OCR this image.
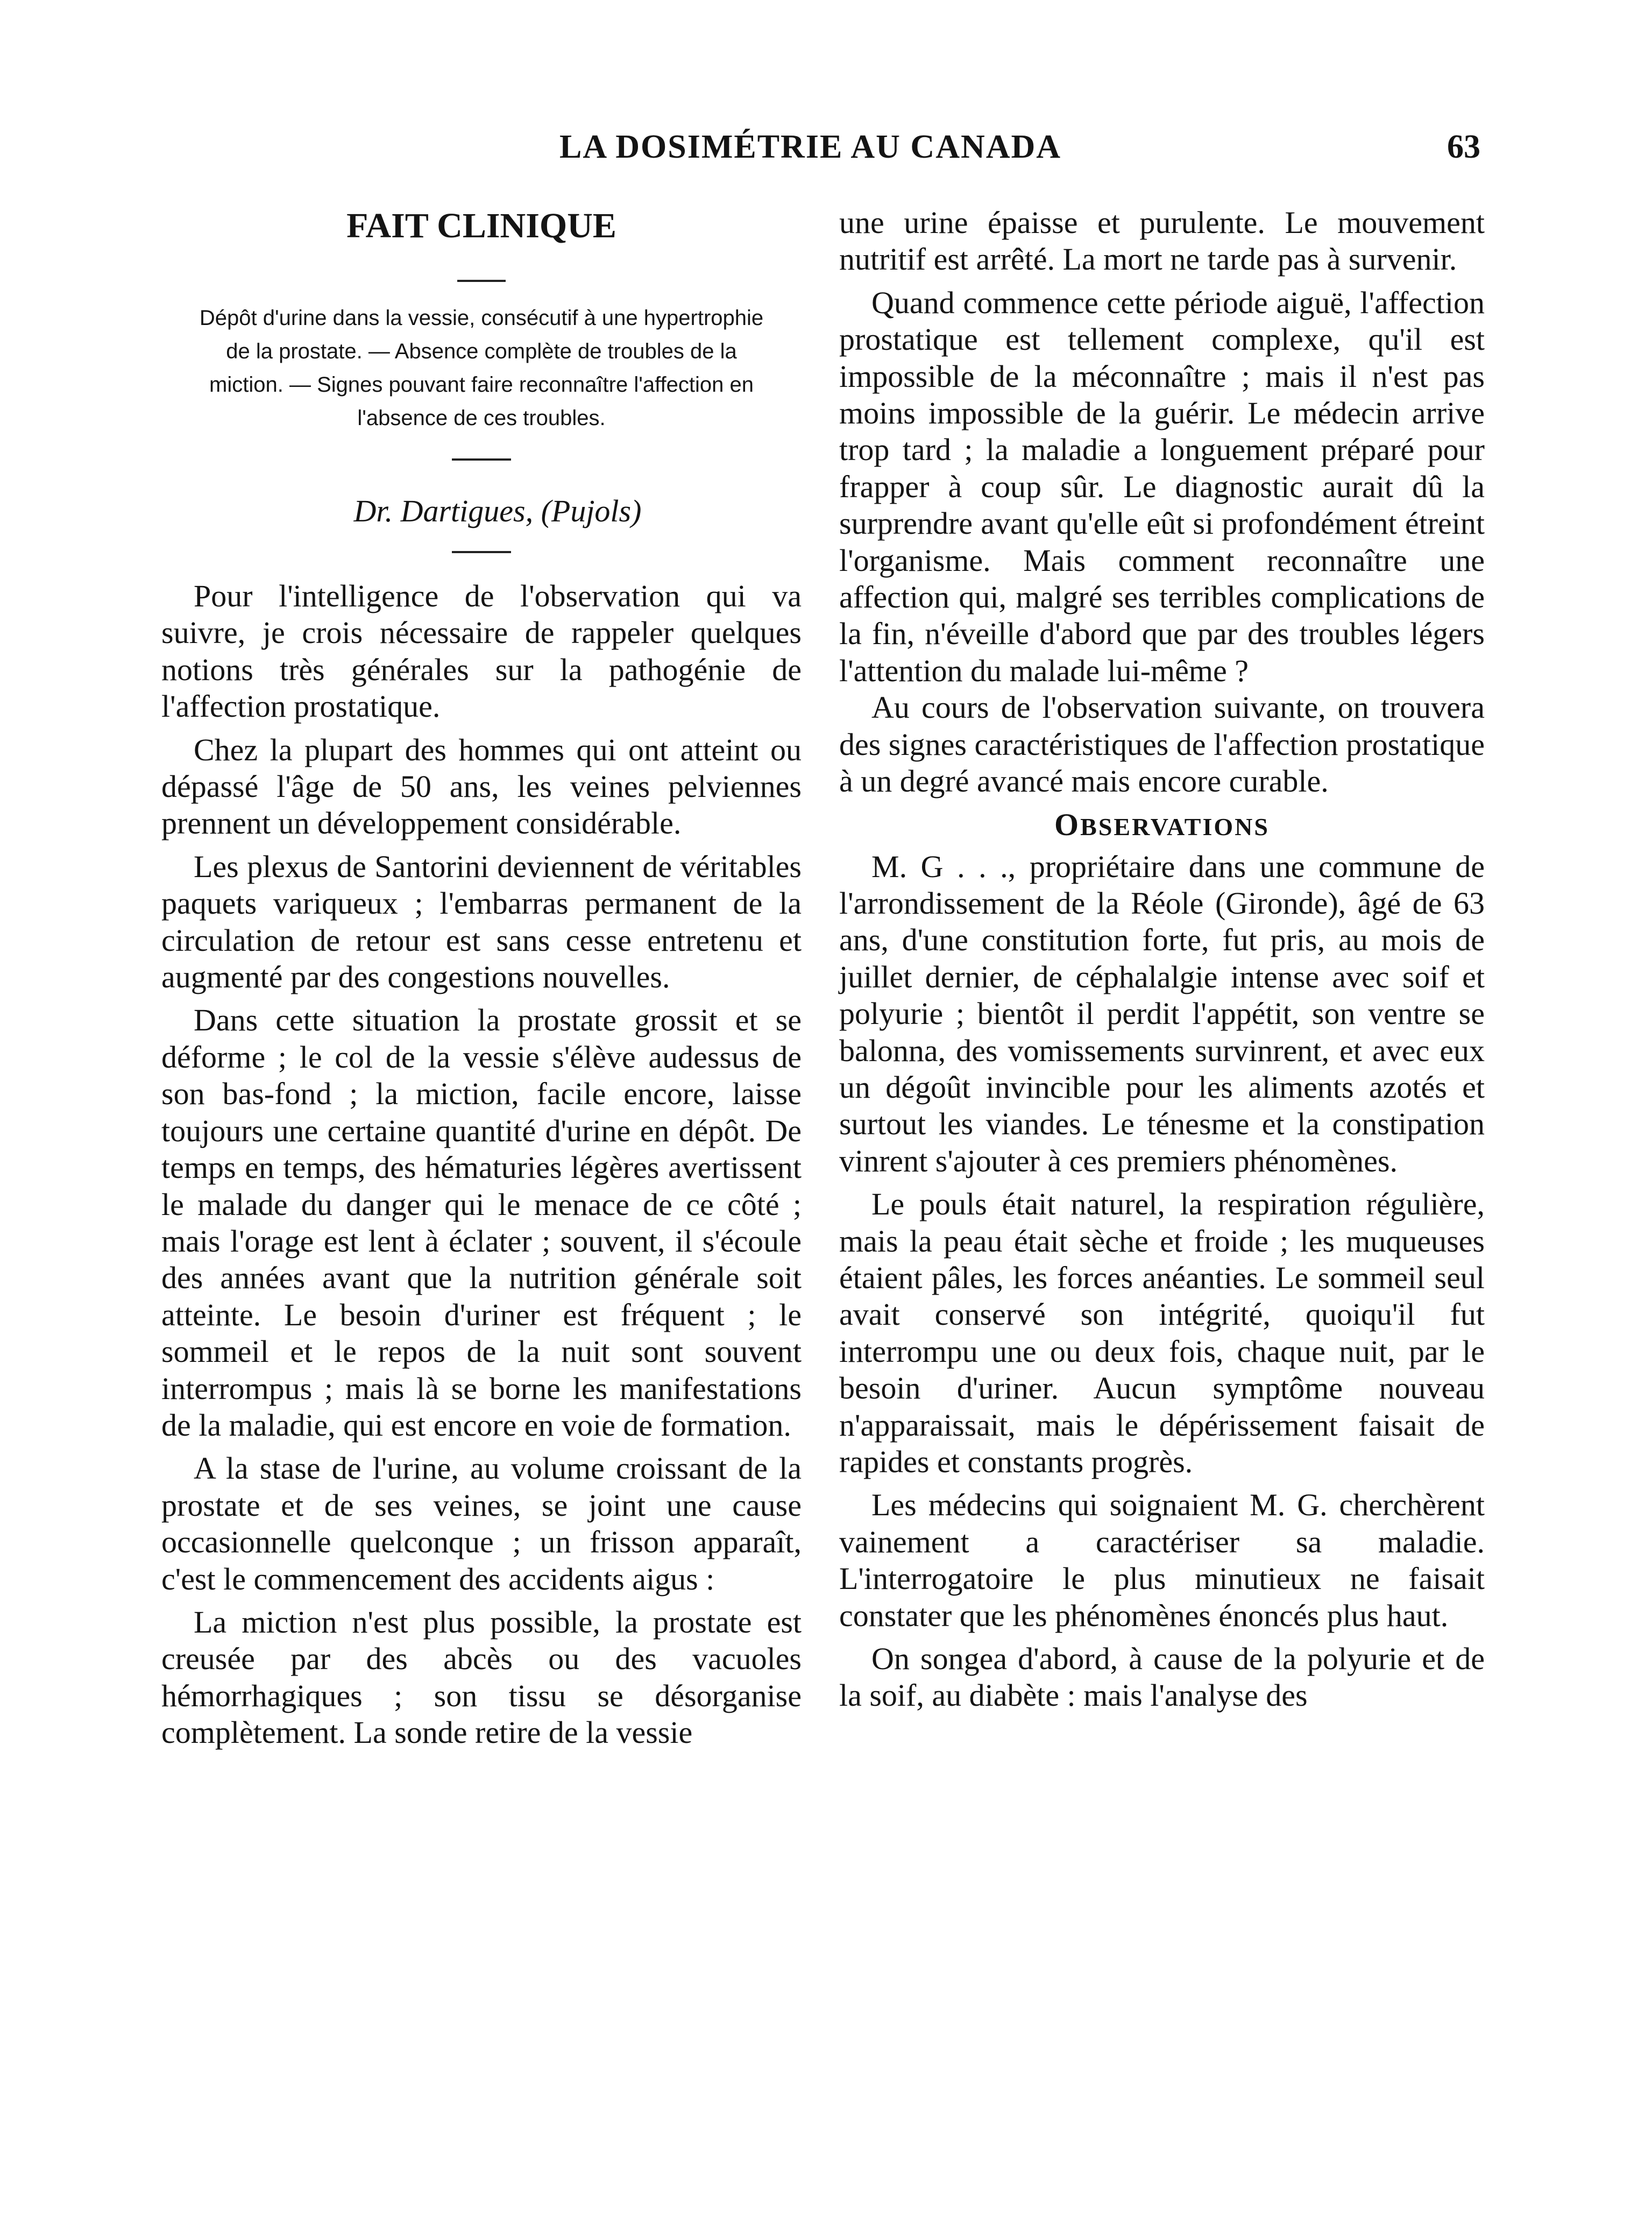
LA DOSIMÉTRIE AU CANADA	63
FAIT CLINIQUE
Dépôt d'urine dans la vessie, consécutif à une hypertrophie de la prostate. — Absence complète de troubles de la miction. — Signes pouvant faire reconnaître l'affection en l'absence de ces troubles.

Dr. Dartigues, (Pujols)

Pour l'intelligence de l'observation qui va suivre, je crois nécessaire de rappeler quelques notions très générales sur la pathogénie de l'affection prostatique.

Chez la plupart des hommes qui ont atteint ou dépassé l'âge de 50 ans, les veines pelviennes prennent un développement considérable.

Les plexus de Santorini deviennent de véritables paquets variqueux ; l'embarras permanent de la circulation de retour est sans cesse entretenu et augmenté par des congestions nouvelles.

Dans cette situation la prostate grossit et se déforme ; le col de la vessie s'élève audessus de son bas-fond ; la miction, facile encore, laisse toujours une certaine quantité d'urine en dépôt. De temps en temps, des hématuries légères avertissent le malade du danger qui le menace de ce côté ; mais l'orage est lent à éclater ; souvent, il s'écoule des années avant que la nutrition générale soit atteinte. Le besoin d'uriner est fréquent ; le sommeil et le repos de la nuit sont souvent interrompus ; mais là se borne les manifestations de la maladie, qui est encore en voie de formation.

A la stase de l'urine, au volume croissant de la prostate et de ses veines, se joint une cause occasionnelle quelconque ; un frisson apparaît, c'est le commencement des accidents aigus :

La miction n'est plus possible, la prostate est creusée par des abcès ou des vacuoles hémorrhagiques ; son tissu se désorganise complètement. La sonde retire de la vessie

une urine épaisse et purulente. Le mouvement nutritif est arrêté. La mort ne tarde pas à survenir.

Quand commence cette période aiguë, l'affection prostatique est tellement complexe, qu'il est impossible de la méconnaître ; mais il n'est pas moins impossible de la guérir. Le médecin arrive trop tard ; la maladie a longuement préparé pour frapper à coup sûr. Le diagnostic aurait dû la surprendre avant qu'elle eût si profondément étreint l'organisme. Mais comment reconnaître une affection qui, malgré ses terribles complications de la fin, n'éveille d'abord que par des troubles légers l'attention du malade lui-même ?

Au cours de l'observation suivante, on trouvera des signes caractéristiques de l'affection prostatique à un degré avancé mais encore curable.

OBSERVATIONS

M. G . . ., propriétaire dans une commune de l'arrondissement de la Réole (Gironde), âgé de 63 ans, d'une constitution forte, fut pris, au mois de juillet dernier, de céphalalgie intense avec soif et polyurie ; bientôt il perdit l'appétit, son ventre se balonna, des vomissements survinrent, et avec eux un dégoût invincible pour les aliments azotés et surtout les viandes. Le ténesme et la constipation vinrent s'ajouter à ces premiers phénomènes.

Le pouls était naturel, la respiration régulière, mais la peau était sèche et froide ; les muqueuses étaient pâles, les forces anéanties. Le sommeil seul avait conservé son intégrité, quoiqu'il fut interrompu une ou deux fois, chaque nuit, par le besoin d'uriner. Aucun symptôme nouveau n'apparaissait, mais le dépérissement faisait de rapides et constants progrès.

Les médecins qui soignaient M. G. cherchèrent vainement a caractériser sa maladie. L'interrogatoire le plus minutieux ne faisait constater que les phénomènes énoncés plus haut.

On songea d'abord, à cause de la polyurie et de la soif, au diabète : mais l'analyse des
